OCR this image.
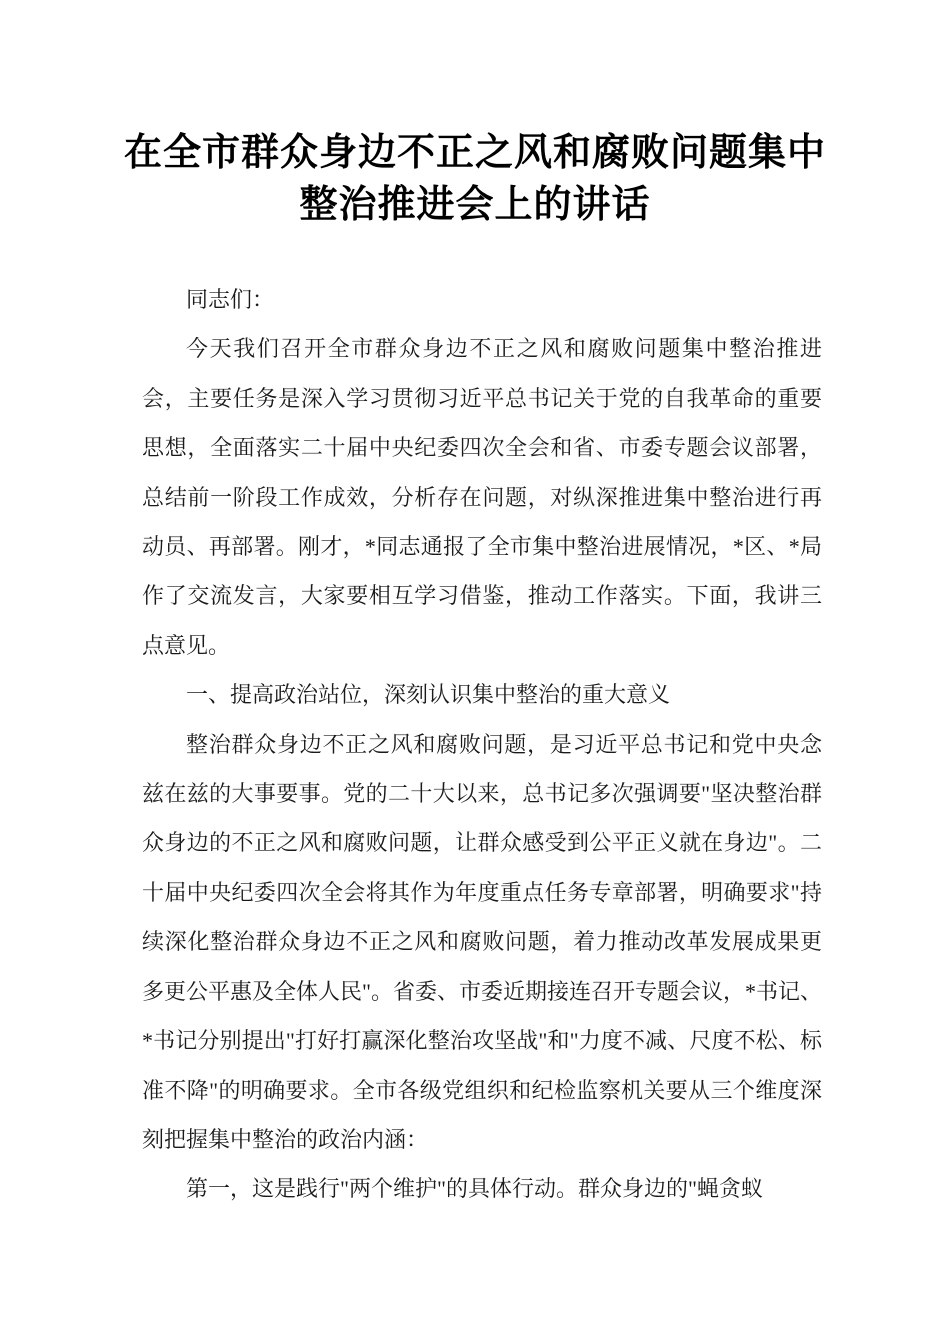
在全市群众身边不正之风和腐败问题集中整治推进会上的讲话

同志们：

今天我们召开全市群众身边不正之风和腐败问题集中整治推进会，主要任务是深入学习贯彻习近平总书记关于党的自我革命的重要思想，全面落实二十届中央纪委四次全会和省、市委专题会议部署，总结前一阶段工作成效，分析存在问题，对纵深推进集中整治进行再动员、再部署。刚才，*同志通报了全市集中整治进展情况，*区、*局作了交流发言，大家要相互学习借鉴，推动工作落实。下面，我讲三点意见。

一、提高政治站位，深刻认识集中整治的重大意义

整治群众身边不正之风和腐败问题，是习近平总书记和党中央念兹在兹的大事要事。党的二十大以来，总书记多次强调要"坚决整治群众身边的不正之风和腐败问题，让群众感受到公平正义就在身边"。二十届中央纪委四次全会将其作为年度重点任务专章部署，明确要求"持续深化整治群众身边不正之风和腐败问题，着力推动改革发展成果更多更公平惠及全体人民"。省委、市委近期接连召开专题会议，*书记、*书记分别提出"打好打赢深化整治攻坚战"和"力度不减、尺度不松、标准不降"的明确要求。全市各级党组织和纪检监察机关要从三个维度深刻把握集中整治的政治内涵：

第一，这是践行"两个维护"的具体行动。群众身边的"蝇贪蚁
